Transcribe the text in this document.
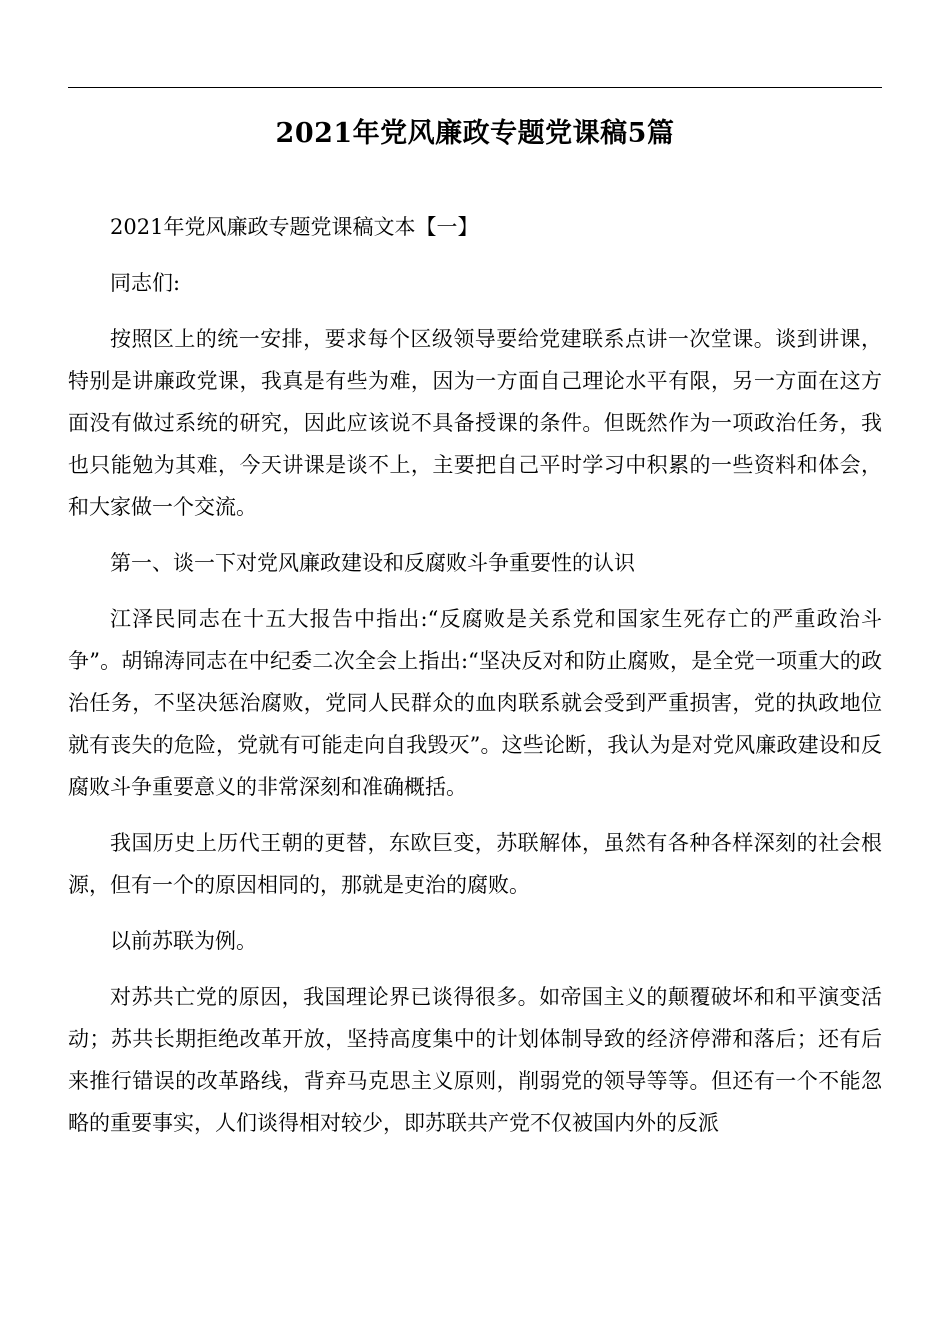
2021年党风廉政专题党课稿5篇

2021年党风廉政专题党课稿文本【一】

同志们:

按照区上的统一安排，要求每个区级领导要给党建联系点讲一次堂课。谈到讲课，特别是讲廉政党课，我真是有些为难，因为一方面自己理论水平有限，另一方面在这方面没有做过系统的研究，因此应该说不具备授课的条件。但既然作为一项政治任务，我也只能勉为其难，今天讲课是谈不上，主要把自己平时学习中积累的一些资料和体会，和大家做一个交流。

第一、谈一下对党风廉政建设和反腐败斗争重要性的认识

江泽民同志在十五大报告中指出:“反腐败是关系党和国家生死存亡的严重政治斗争”。胡锦涛同志在中纪委二次全会上指出:“坚决反对和防止腐败，是全党一项重大的政治任务，不坚决惩治腐败，党同人民群众的血肉联系就会受到严重损害，党的执政地位就有丧失的危险，党就有可能走向自我毁灭”。这些论断，我认为是对党风廉政建设和反腐败斗争重要意义的非常深刻和准确概括。

我国历史上历代王朝的更替，东欧巨变，苏联解体，虽然有各种各样深刻的社会根源，但有一个的原因相同的，那就是吏治的腐败。

以前苏联为例。

对苏共亡党的原因，我国理论界已谈得很多。如帝国主义的颠覆破坏和和平演变活动；苏共长期拒绝改革开放，坚持高度集中的计划体制导致的经济停滞和落后；还有后来推行错误的改革路线，背弃马克思主义原则，削弱党的领导等等。但还有一个不能忽略的重要事实，人们谈得相对较少，即苏联共产党不仅被国内外的反派
